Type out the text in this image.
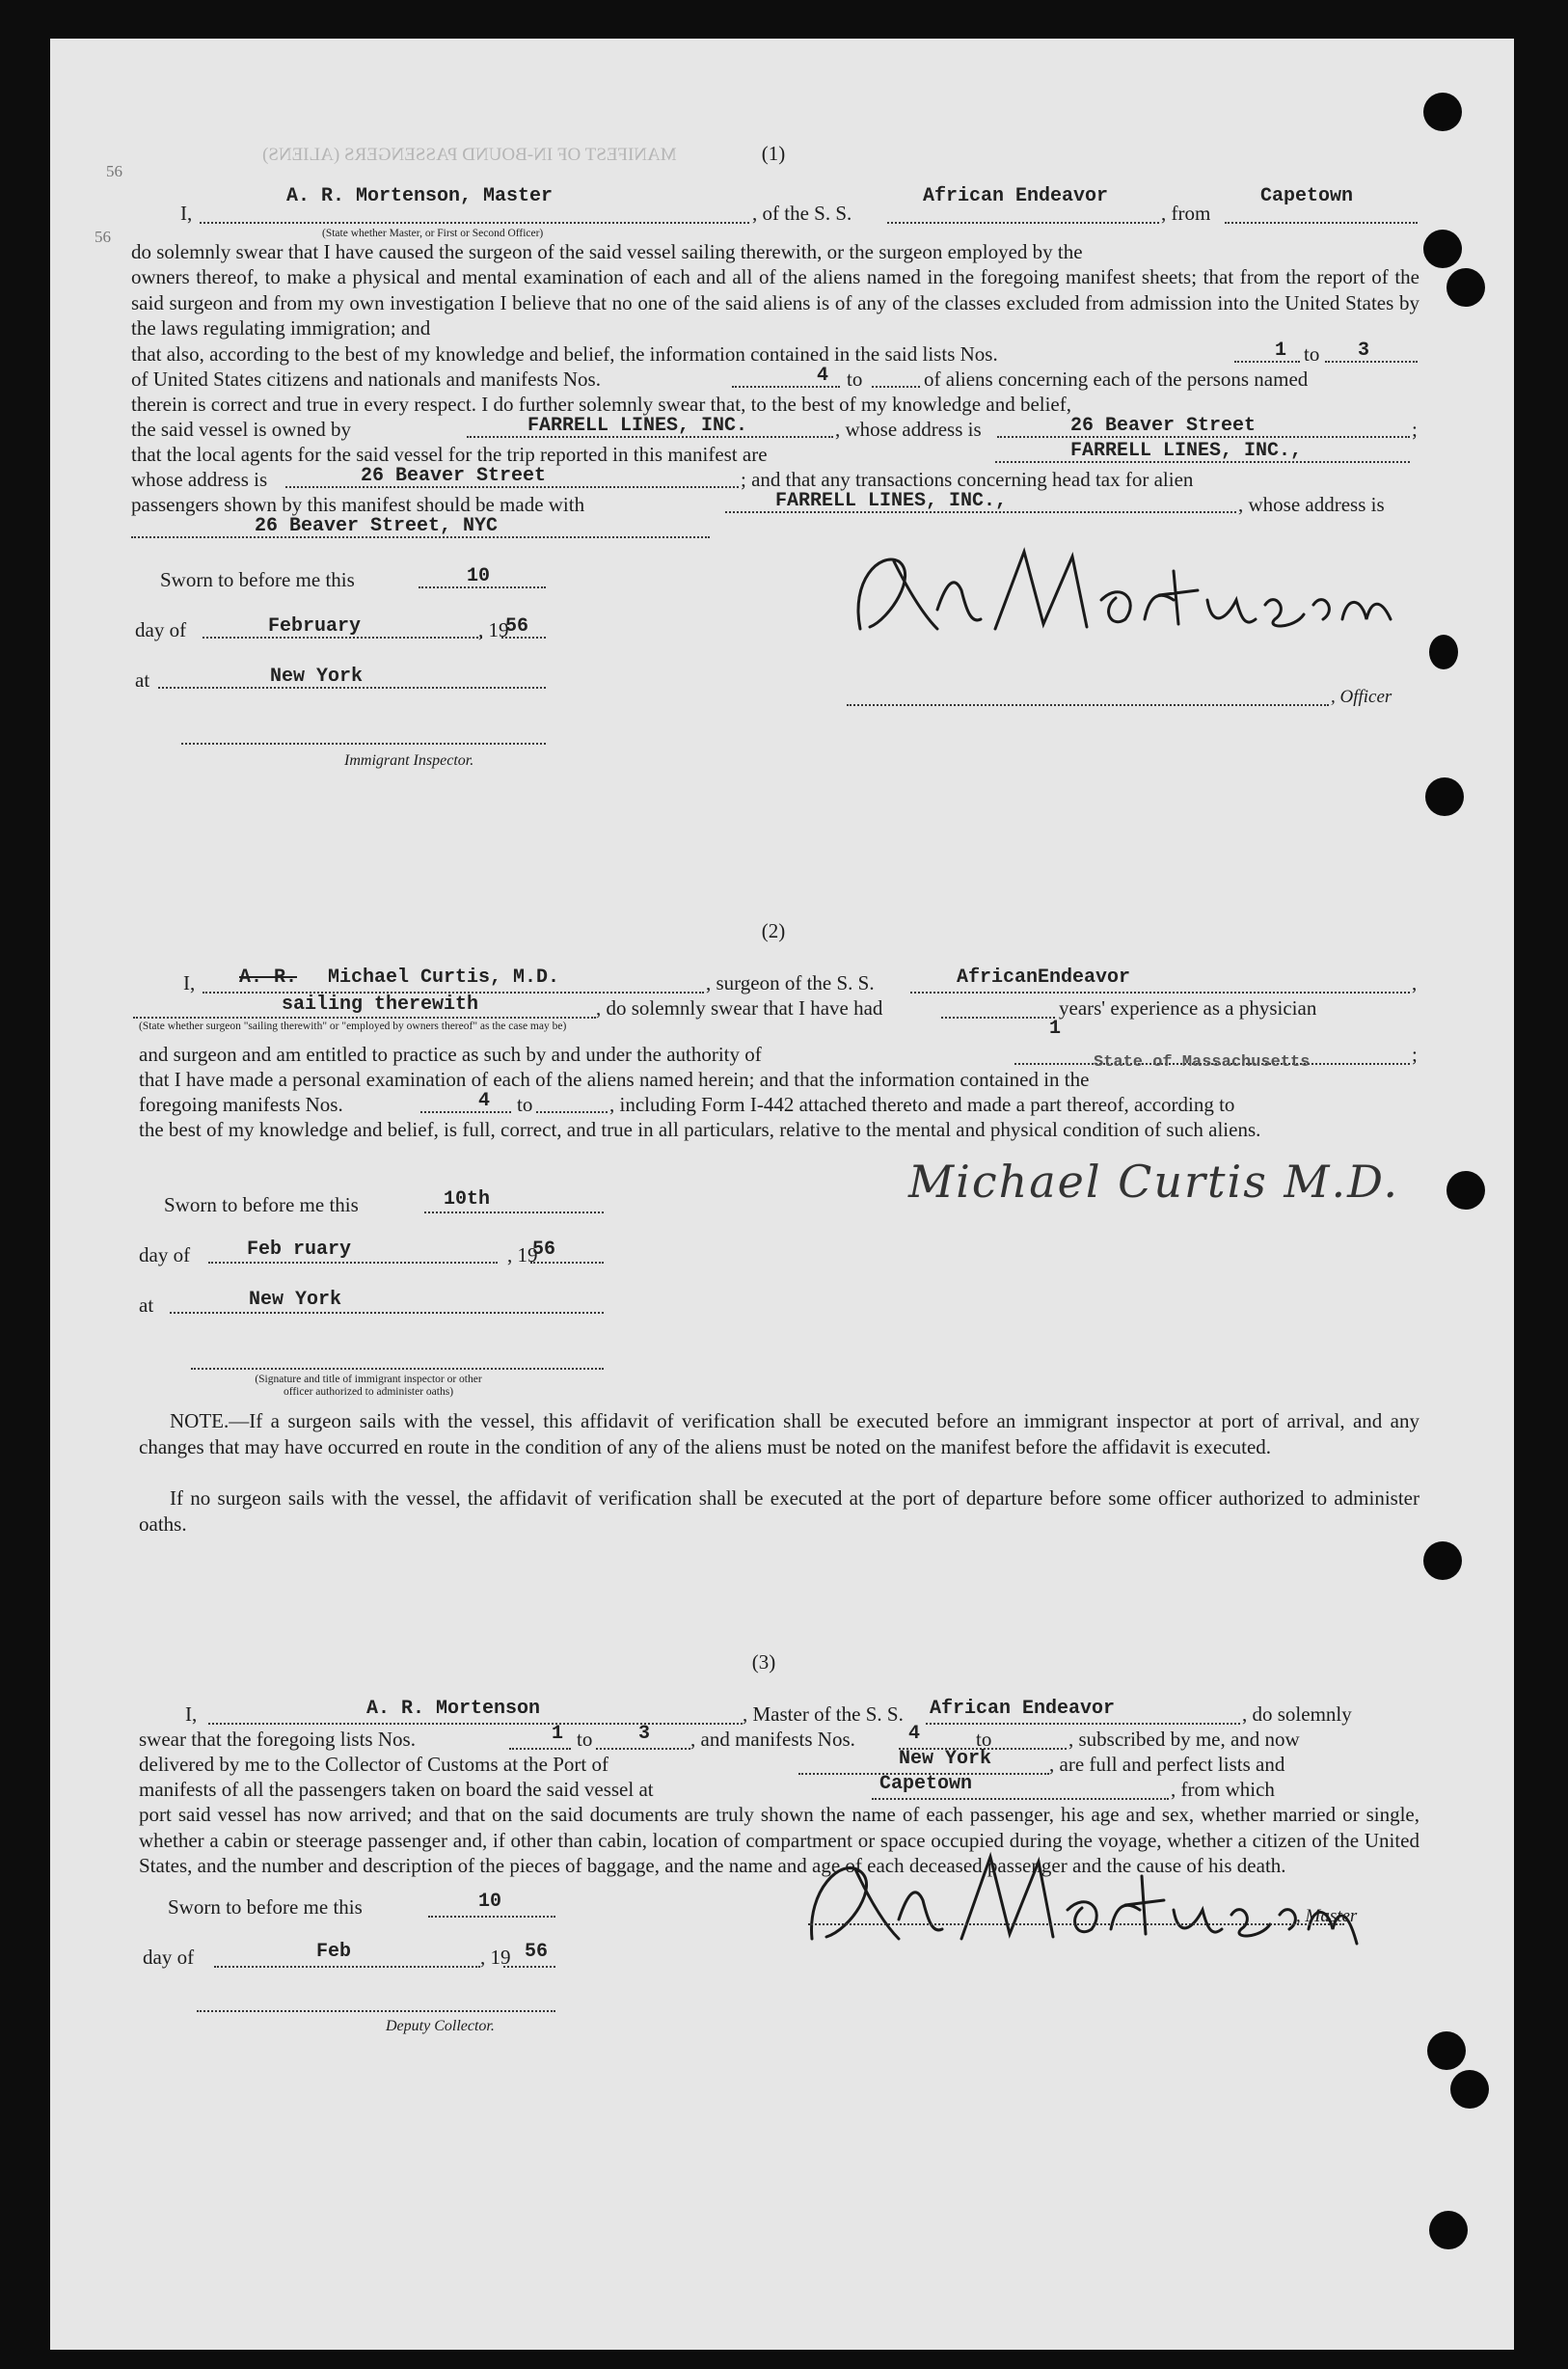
MANIFEST OF IN-BOUND PASSENGERS (ALIENS)
56
56
(1)
I,
A. R. Mortenson, Master
, of the S. S.
African Endeavor
, from
Capetown
(State whether Master, or First or Second Officer)
do solemnly swear that I have caused the surgeon of the said vessel sailing therewith, or the surgeon employed by the
owners thereof, to make a physical and mental examination of each and all of the aliens named in the foregoing manifest sheets; that from the report of the said surgeon and from my own investigation I believe that no one of the said aliens is of any of the classes excluded from admission into the United States by the laws regulating immigration; and
that also, according to the best of my knowledge and belief, the information contained in the said lists Nos.	1 to 3
of United States citizens and nationals and manifests Nos.	4 to	of aliens concerning each of the persons named
therein is correct and true in every respect. I do further solemnly swear that, to the best of my knowledge and belief,
the said vessel is owned by	FARRELL LINES, INC.	, whose address is	26 Beaver Street	;
that the local agents for the said vessel for the trip reported in this manifest are	FARRELL LINES, INC.,
whose address is	26 Beaver Street	; and that any transactions concerning head tax for alien
passengers shown by this manifest should be made with	FARRELL LINES, INC.,	, whose address is
26 Beaver Street, NYC
Sworn to before me this	10
day of	February	, 19
56
at	New York
Immigrant Inspector.
, Officer
(2)
I, A. R. Michael Curtis, M.D.	, surgeon of the S. S.	AfricanEndeavor	,
sailing therewith	, do solemnly swear that I have had	years' experience as a physician
(State whether surgeon "sailing therewith" or "employed by owners thereof" as the case may be)	1
and surgeon and am entitled to practice as such by and under the authority of	State of Massachusetts	;
that I have made a personal examination of each of the aliens named herein; and that the information contained in the
foregoing manifests Nos.	4 to	, including Form I-442 attached thereto and made a part thereof, according to
the best of my knowledge and belief, is full, correct, and true in all particulars, relative to the mental and physical condition of such aliens.
Sworn to before me this	10th
day of	Feb ruary	, 19
56
at	New York
(Signature and title of immigrant inspector or other officer authorized to administer oaths)
Michael Curtis M.D.
NOTE.—If a surgeon sails with the vessel, this affidavit of verification shall be executed before an immigrant inspector at port of arrival, and any changes that may have occurred en route in the condition of any of the aliens must be noted on the manifest before the affidavit is executed.
If no surgeon sails with the vessel, the affidavit of verification shall be executed at the port of departure before some officer authorized to administer oaths.
(3)
I,	A. R. Mortenson	, Master of the S. S. African Endeavor	, do solemnly
swear that the foregoing lists Nos.	1 to 3 , and manifests Nos.	4	to	, subscribed by me, and now
delivered by me to the Collector of Customs at the Port of	New York	, are full and perfect lists and
manifests of all the passengers taken on board the said vessel at	Capetown	, from which
port said vessel has now arrived; and that on the said documents are truly shown the name of each passenger, his age and sex, whether married or single, whether a cabin or steerage passenger and, if other than cabin, location of compartment or space occupied during the voyage, whether a citizen of the United States, and the number and description of the pieces of baggage, and the name and age of each deceased passenger and the cause of his death.
, Master
Sworn to before me this	10
day of	Feb	, 19 56
Deputy Collector.
